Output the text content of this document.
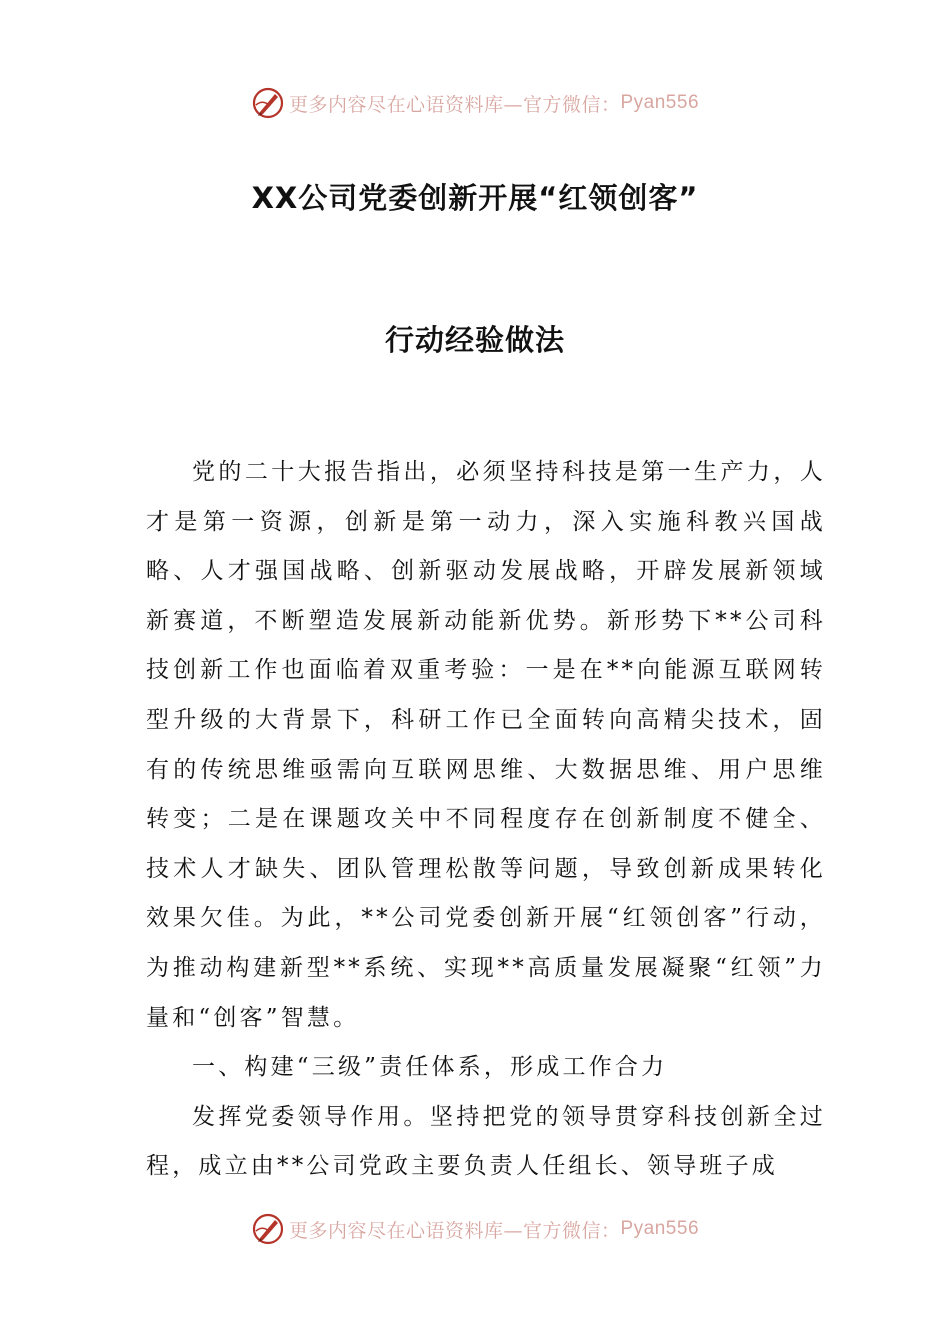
更多内容尽在心语资料库—官方微信： Pyan556
XX公司党委创新开展“红领创客”
行动经验做法

党的二十大报告指出，必须坚持科技是第一生产力，人才是第一资源，创新是第一动力，深入实施科教兴国战略、人才强国战略、创新驱动发展战略，开辟发展新领域新赛道，不断塑造发展新动能新优势。新形势下**公司科技创新工作也面临着双重考验：一是在**向能源互联网转型升级的大背景下，科研工作已全面转向高精尖技术，固有的传统思维亟需向互联网思维、大数据思维、用户思维转变；二是在课题攻关中不同程度存在创新制度不健全、技术人才缺失、团队管理松散等问题，导致创新成果转化效果欠佳。为此，**公司党委创新开展“红领创客”行动，为推动构建新型**系统、实现**高质量发展凝聚“红领”力量和“创客”智慧。

一、构建“三级”责任体系，形成工作合力

发挥党委领导作用。坚持把党的领导贯穿科技创新全过程，成立由**公司党政主要负责人任组长、领导班子成

更多内容尽在心语资料库—官方微信： Pyan556
